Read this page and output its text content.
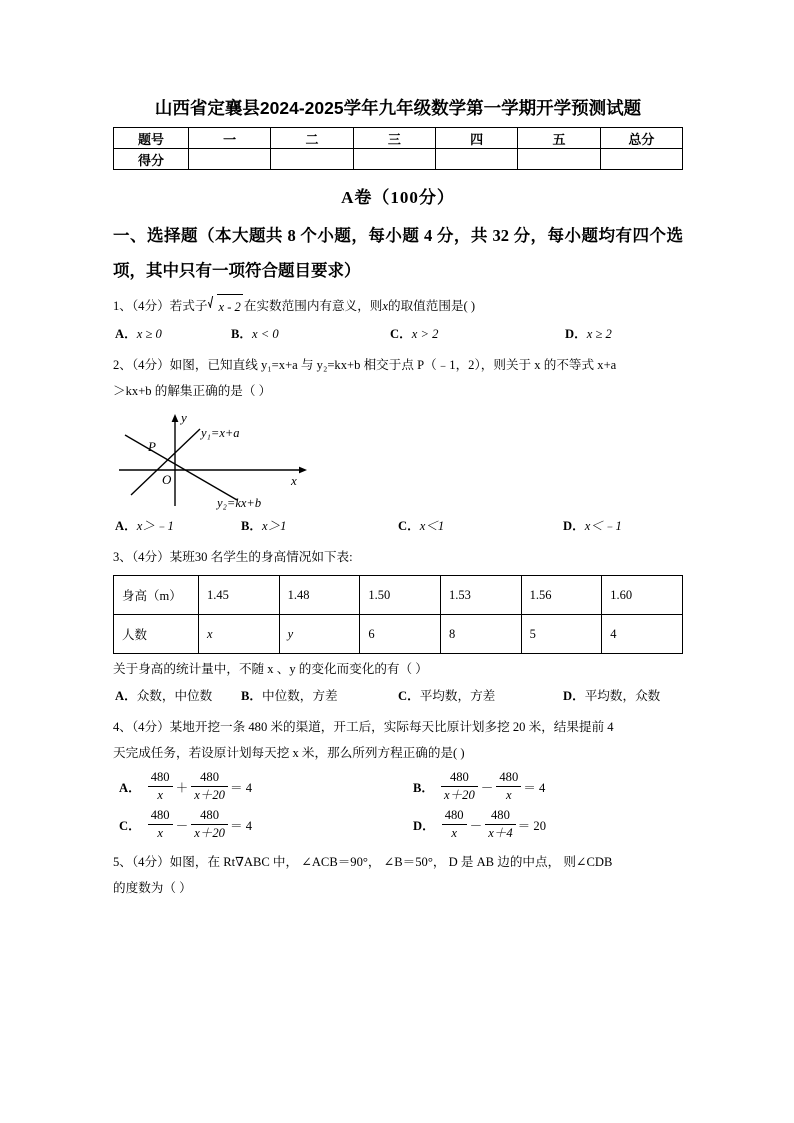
山西省定襄县2024-2025学年九年级数学第一学期开学预测试题
题号	一	二	三	四	五	总分
得分						
A卷（100分）
一、选择题（本大题共 8 个小题，每小题 4 分，共 32 分，每小题均有四个选项，其中只有一项符合题目要求）
1、（4分）若式子 x - 2 在实数范围内有意义，则x的取值范围是( )
A．x ≥ 0	B．x < 0	C．x > 2	D．x ≥ 2
2、（4分）如图，已知直线 y₁=x+a 与 y₂=kx+b 相交于点 P（﹣1，2），则关于 x 的不等式 x+a
＞kx+b 的解集正确的是（ ）
y
x
O
P
y₁=x+a
y₂=kx+b
A．x＞﹣1	B．x＞1	C．x＜1	D．x＜﹣1
3、（4分）某班30 名学生的身高情况如下表:
身高（m）	1.45	1.48	1.50	1.53	1.56	1.60
人数	x	y	6	8	5	4
关于身高的统计量中，不随 x 、y 的变化而变化的有（ ）
A．众数，中位数 B．中位数，方差	C．平均数，方差	D．平均数，众数
4、（4分）某地开挖一条 480 米的渠道，开工后，实际每天比原计划多挖 20 米，结果提前 4
天完成任务，若设原计划每天挖 x 米，那么所列方程正确的是( )
A． $\frac{480}{x} + \frac{480}{x+20} = 4$	B． $\frac{480}{x+20} - \frac{480}{x} = 4$
C． $\frac{480}{x} - \frac{480}{x+20} = 4$	D． $\frac{480}{x} - \frac{480}{x+4} = 20$
5、（4分）如图，在 Rt∇ABC 中， ∠ACB＝90°， ∠B＝50°， D 是 AB 边的中点， 则∠CDB
的度数为（ ）
